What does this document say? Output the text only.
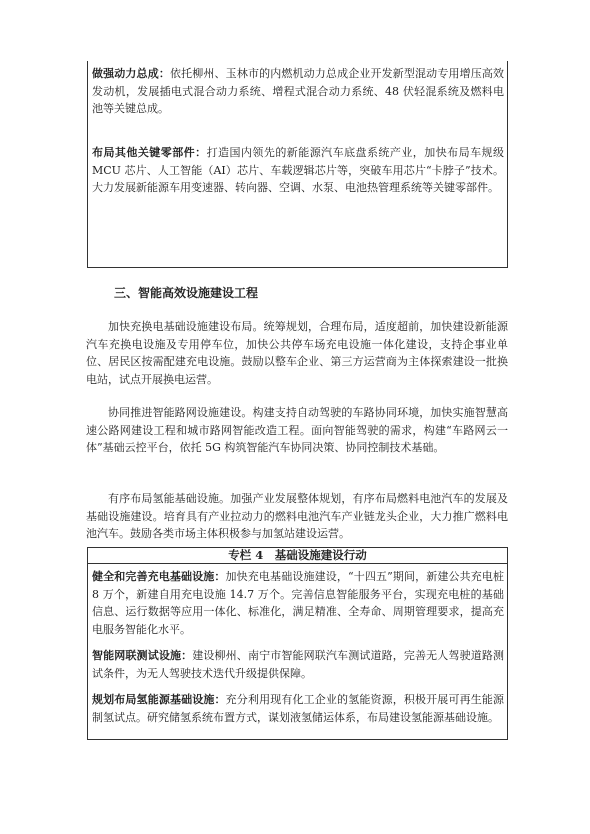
做强动力总成：依托柳州、玉林市的内燃机动力总成企业开发新型混动专用增压高效发动机，发展插电式混合动力系统、增程式混合动力系统、48 伏轻混系统及燃料电池等关键总成。

布局其他关键零部件：打造国内领先的新能源汽车底盘系统产业，加快布局车规级 MCU 芯片、人工智能（AI）芯片、车载逻辑芯片等，突破车用芯片“卡脖子”技术。大力发展新能源车用变速器、转向器、空调、水泵、电池热管理系统等关键零部件。

三、智能高效设施建设工程

加快充换电基础设施建设布局。统筹规划，合理布局，适度超前，加快建设新能源汽车充换电设施及专用停车位，加快公共停车场充电设施一体化建设，支持企事业单位、居民区按需配建充电设施。鼓励以整车企业、第三方运营商为主体探索建设一批换电站，试点开展换电运营。

协同推进智能路网设施建设。构建支持自动驾驶的车路协同环境，加快实施智慧高速公路网建设工程和城市路网智能改造工程。面向智能驾驶的需求，构建“车路网云一体”基础云控平台，依托 5G 构筑智能汽车协同决策、协同控制技术基础。

有序布局氢能基础设施。加强产业发展整体规划，有序布局燃料电池汽车的发展及基础设施建设。培育具有产业拉动力的燃料电池汽车产业链龙头企业，大力推广燃料电池汽车。鼓励各类市场主体积极参与加氢站建设运营。

专栏 4　基础设施建设行动

健全和完善充电基础设施：加快充电基础设施建设，“十四五”期间，新建公共充电桩 8 万个，新建自用充电设施 14.7 万个。完善信息智能服务平台，实现充电桩的基础信息、运行数据等应用一体化、标准化，满足精准、全寿命、周期管理要求，提高充电服务智能化水平。

智能网联测试设施：建设柳州、南宁市智能网联汽车测试道路，完善无人驾驶道路测试条件，为无人驾驶技术迭代升级提供保障。

规划布局氢能源基础设施：充分利用现有化工企业的氢能资源，积极开展可再生能源制氢试点。研究储氢系统布置方式，谋划液氢储运体系，布局建设氢能源基础设施。
